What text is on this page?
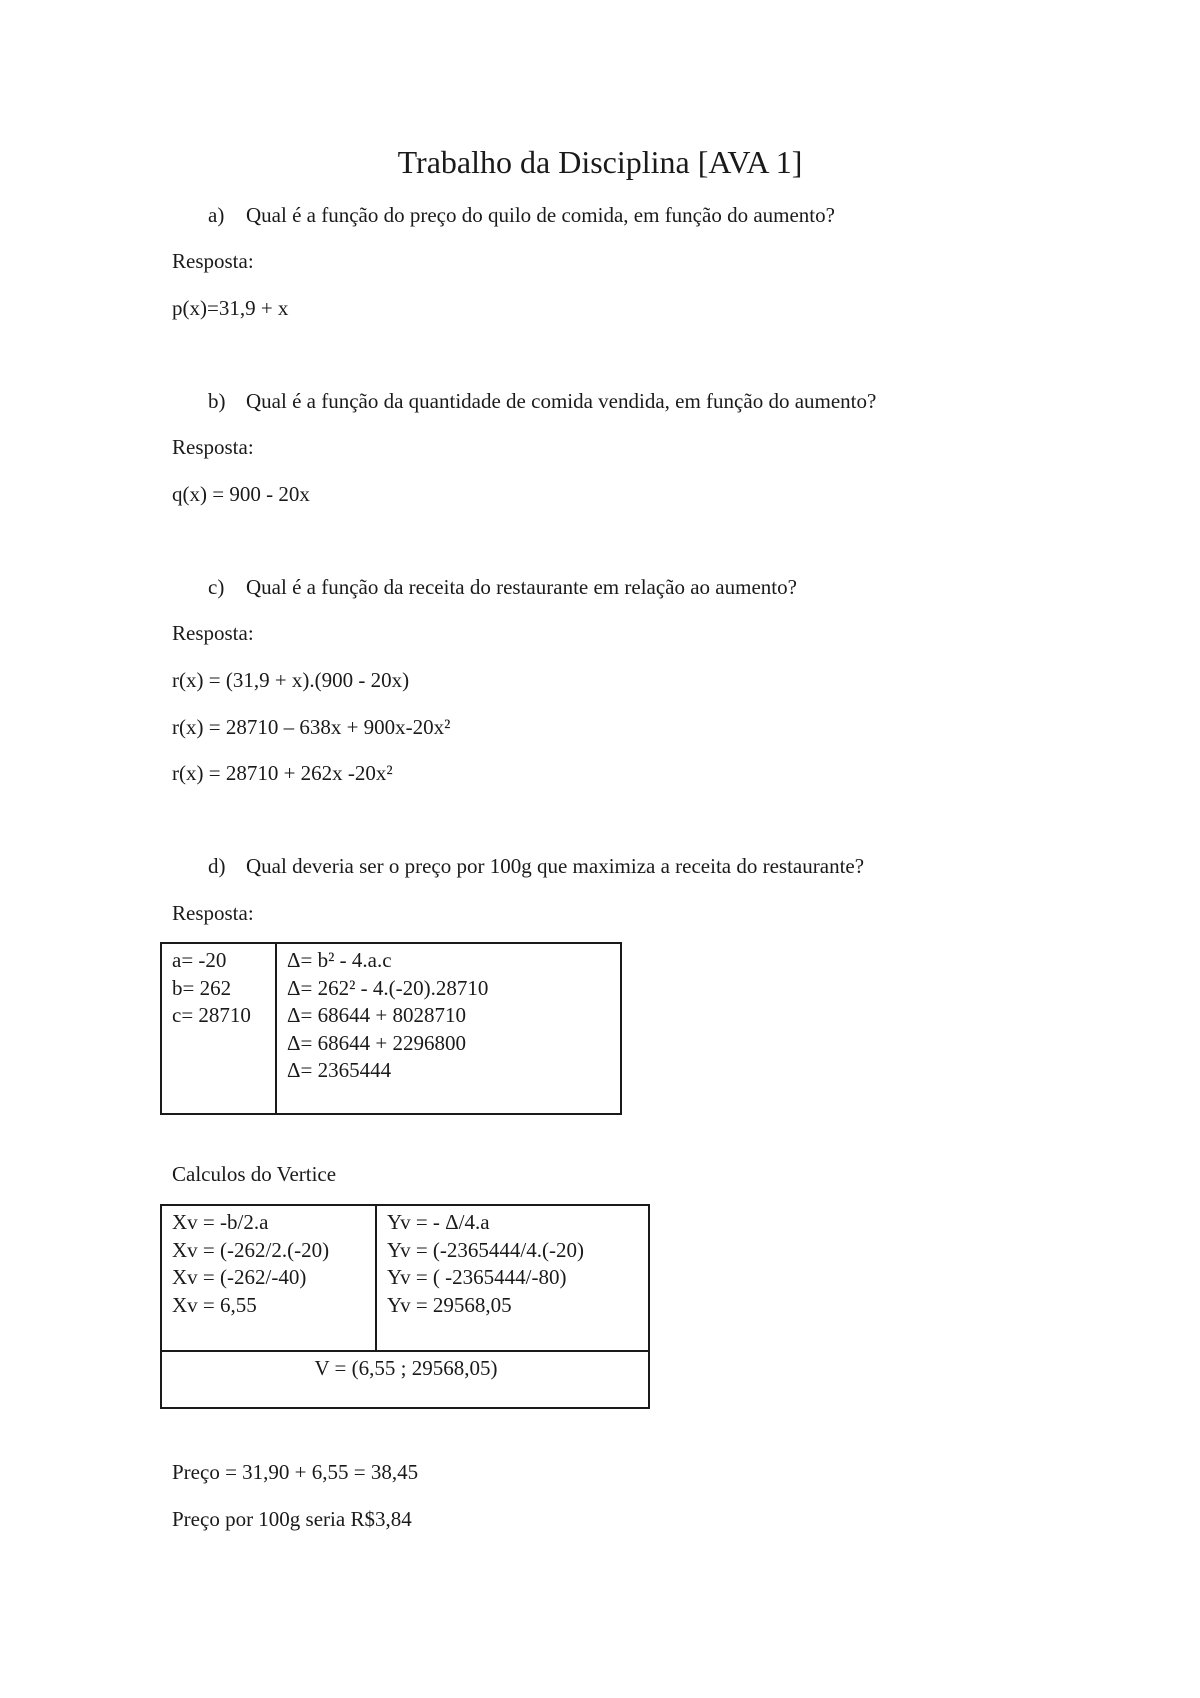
Trabalho da Disciplina [AVA 1]
a) Qual é a função do preço do quilo de comida, em função do aumento?
Resposta:
p(x)=31,9 + x
b) Qual é a função da quantidade de comida vendida, em função do aumento?
Resposta:
q(x) = 900 - 20x
c) Qual é a função da receita do restaurante em relação ao aumento?
Resposta:
r(x) = (31,9 + x).(900 - 20x)
r(x) = 28710 – 638x + 900x-20x²
r(x) = 28710 + 262x -20x²
d) Qual deveria ser o preço por 100g que maximiza a receita do restaurante?
Resposta:
a= -20
b= 262
c= 28710

Δ= b² - 4.a.c
Δ= 262² - 4.(-20).28710
Δ= 68644 + 8028710
Δ= 68644 + 2296800
Δ= 2365444
Calculos do Vertice
Xv = -b/2.a
Xv = (-262/2.(-20)
Xv = (-262/-40)
Xv = 6,55

Yv = - Δ/4.a
Yv = (-2365444/4.(-20)
Yv = ( -2365444/-80)
Yv = 29568,05

V = (6,55 ; 29568,05)
Preço = 31,90 + 6,55 = 38,45
Preço por 100g seria R$3,84
